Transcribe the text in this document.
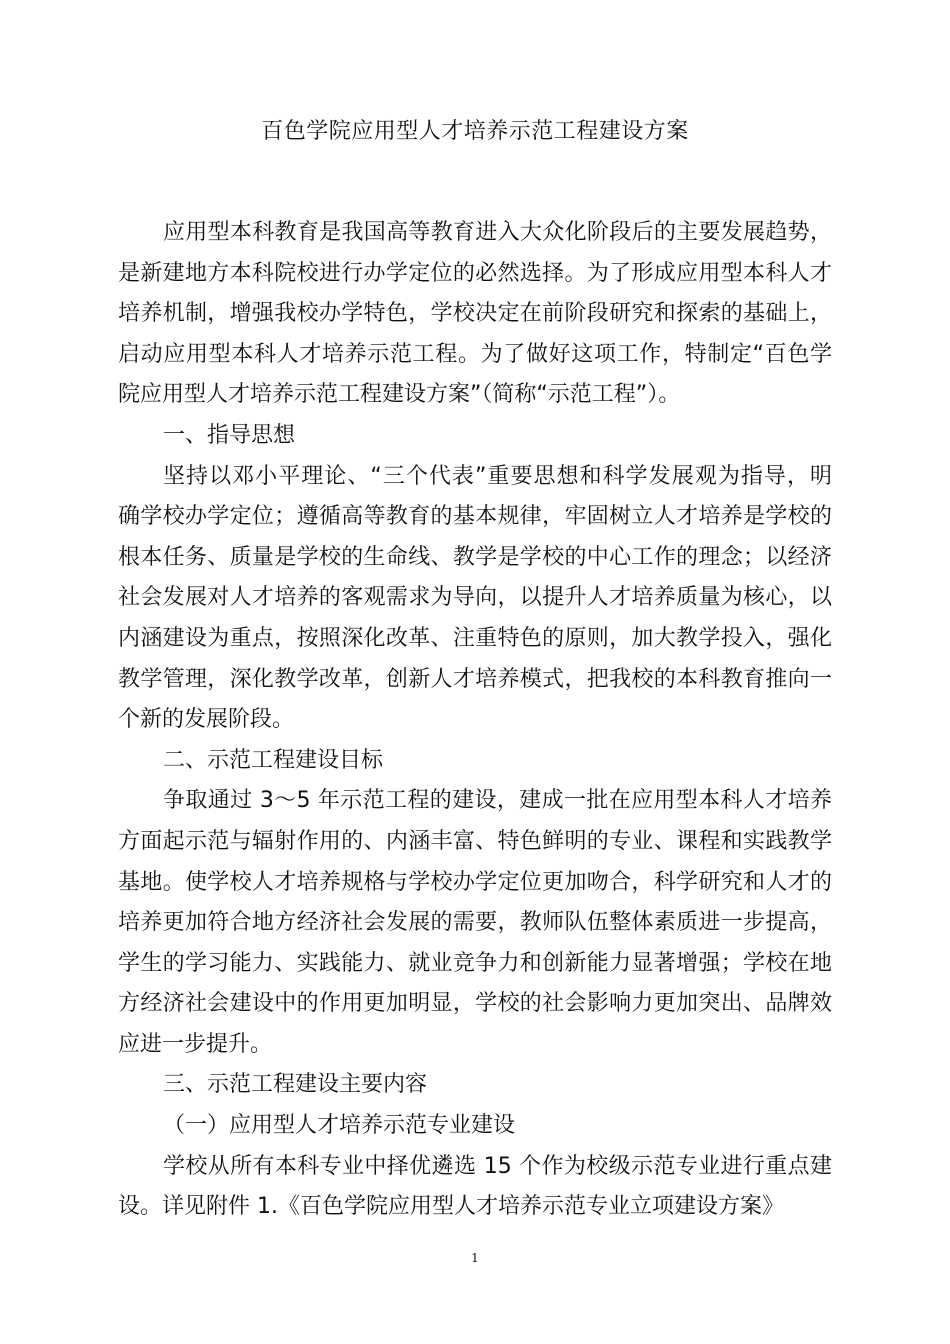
百色学院应用型人才培养示范工程建设方案
应用型本科教育是我国高等教育进入大众化阶段后的主要发展趋势，
是新建地方本科院校进行办学定位的必然选择。为了形成应用型本科人才
培养机制，增强我校办学特色，学校决定在前阶段研究和探索的基础上，
启动应用型本科人才培养示范工程。为了做好这项工作，特制定“百色学
院应用型人才培养示范工程建设方案”（简称“示范工程”）。
一、指导思想
坚持以邓小平理论、“三个代表”重要思想和科学发展观为指导，明
确学校办学定位；遵循高等教育的基本规律，牢固树立人才培养是学校的
根本任务、质量是学校的生命线、教学是学校的中心工作的理念；以经济
社会发展对人才培养的客观需求为导向，以提升人才培养质量为核心，以
内涵建设为重点，按照深化改革、注重特色的原则，加大教学投入，强化
教学管理，深化教学改革，创新人才培养模式，把我校的本科教育推向一
个新的发展阶段。
二、示范工程建设目标
争取通过 3～5 年示范工程的建设，建成一批在应用型本科人才培养
方面起示范与辐射作用的、内涵丰富、特色鲜明的专业、课程和实践教学
基地。使学校人才培养规格与学校办学定位更加吻合，科学研究和人才的
培养更加符合地方经济社会发展的需要，教师队伍整体素质进一步提高，
学生的学习能力、实践能力、就业竞争力和创新能力显著增强；学校在地
方经济社会建设中的作用更加明显，学校的社会影响力更加突出、品牌效
应进一步提升。
三、示范工程建设主要内容
（一）应用型人才培养示范专业建设
学校从所有本科专业中择优遴选 15 个作为校级示范专业进行重点建
设。详见附件 1.《百色学院应用型人才培养示范专业立项建设方案》
1
